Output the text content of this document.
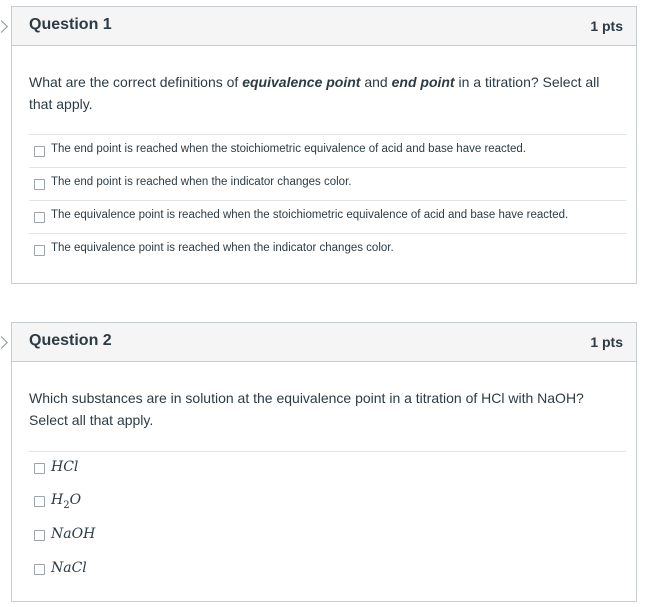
Question 1	1 pts
What are the correct definitions of equivalence point and end point in a titration? Select all that apply.
The end point is reached when the stoichiometric equivalence of acid and base have reacted.
The end point is reached when the indicator changes color.
The equivalence point is reached when the stoichiometric equivalence of acid and base have reacted.
The equivalence point is reached when the indicator changes color.
Question 2	1 pts
Which substances are in solution at the equivalence point in a titration of HCl with NaOH? Select all that apply.
HCl
$H_2O$
NaOH
NaCl
